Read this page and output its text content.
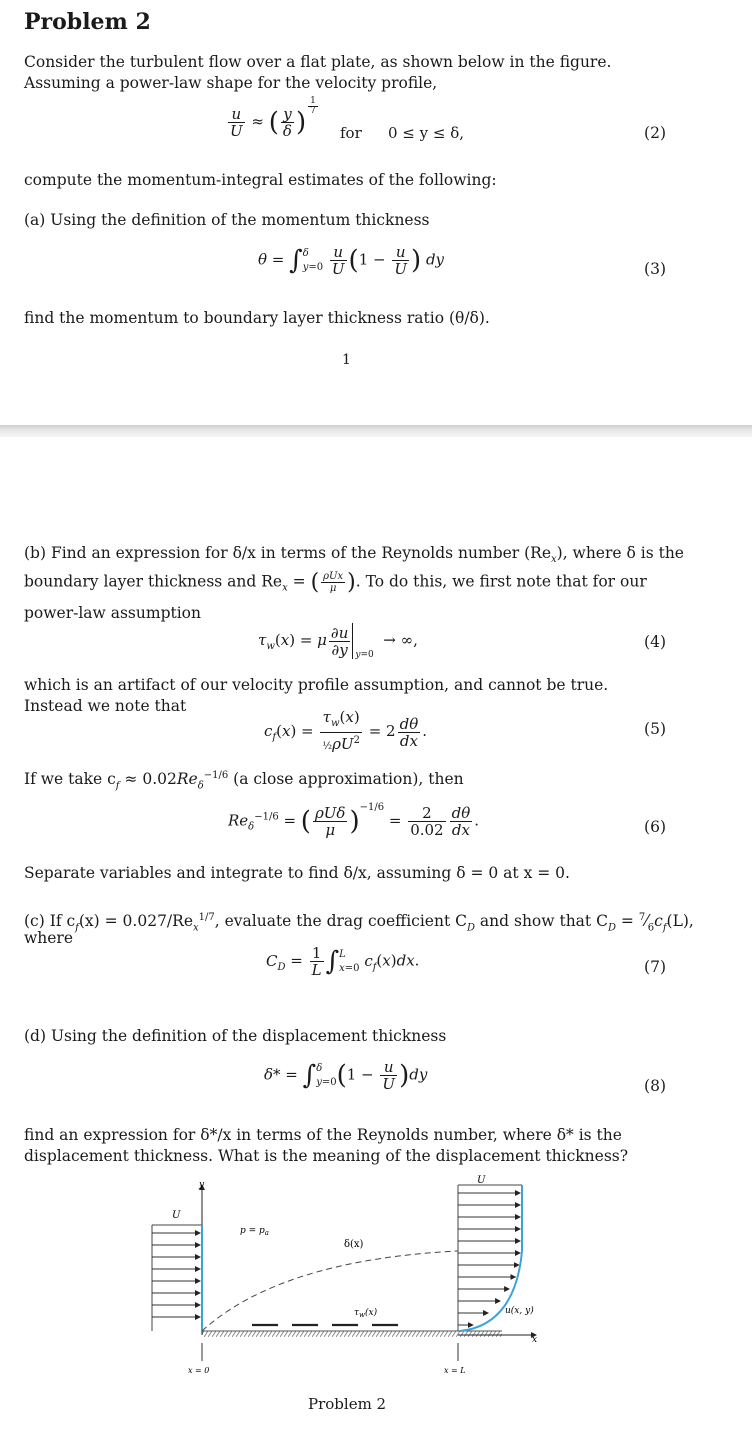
Problem 2
Consider the turbulent flow over a flat plate, as shown below in the figure. Assuming a power-law shape for the velocity profile,
$\frac{u}{U}$ ≈ ( $\frac{y}{\delta}$ )
$^{\frac{1}{7}}$
for 0 ≤ y ≤ δ,	(2)
compute the momentum-integral estimates of the following:
(a) Using the definition of the momentum thickness
θ = ∫δ
$y=0 \frac{u}{U} (1 - \frac{u}{U}$ ) dy
(3)
find the momentum to boundary layer thickness ratio (θ/δ).
1
(b) Find an expression for δ/x in terms of the Reynolds number $(Re_x)$, where δ is the
boundary layer thickness and $Re_x$ = ( $\frac{\text{ρUx}}{\mu}$ ). To do this, we first note that for our
power-law assumption
$\tau_w(x) = \mu \frac{\partial u}{\partial y} y=0$  → ∞,	(4)
which is an artifact of our velocity profile assumption, and cannot be true. Instead we note that
$c_f(x) = \frac{\tau_w(x)}{\frac{1}{2}\rho U^2} = 2 \frac{d\theta}{dx}$ .	(5)
If we take $c_f \approx 0.02Re_\delta^{-1/6}$ (a close approximation), then
$Re_\delta^{-1/6}$ = ( $\frac{\text{ρUδ}}{\mu} )^{-1/6} = \frac{2}{0.02} \frac{d\theta}{dx}$ .	(6)
Separate variables and integrate to find δ/x, assuming δ = 0 at x = 0.
(c) If $c_f(x) = 0.027/Re_x^{1/7}$, evaluate the drag coefficient $C_D$ and show that $C_D$ = $^7⁄_6c_f(L)$,
where
$C_D = \frac{1}{L} \int L$
x=0 $c_f(x)dx$.	(7)
(d) Using the definition of the displacement thickness
δ* = ∫δ
$y=0(1 - \frac{u}{U} )dy$
(8)
find an expression for δ*/x in terms of the Reynolds number, where δ* is the displacement thickness. What is the meaning of the displacement thickness?
y
x
U
$p = p_a$
δ(x)
$\tau_w(x)$
U
u(x, y)
x = 0	x = L
Problem 2
